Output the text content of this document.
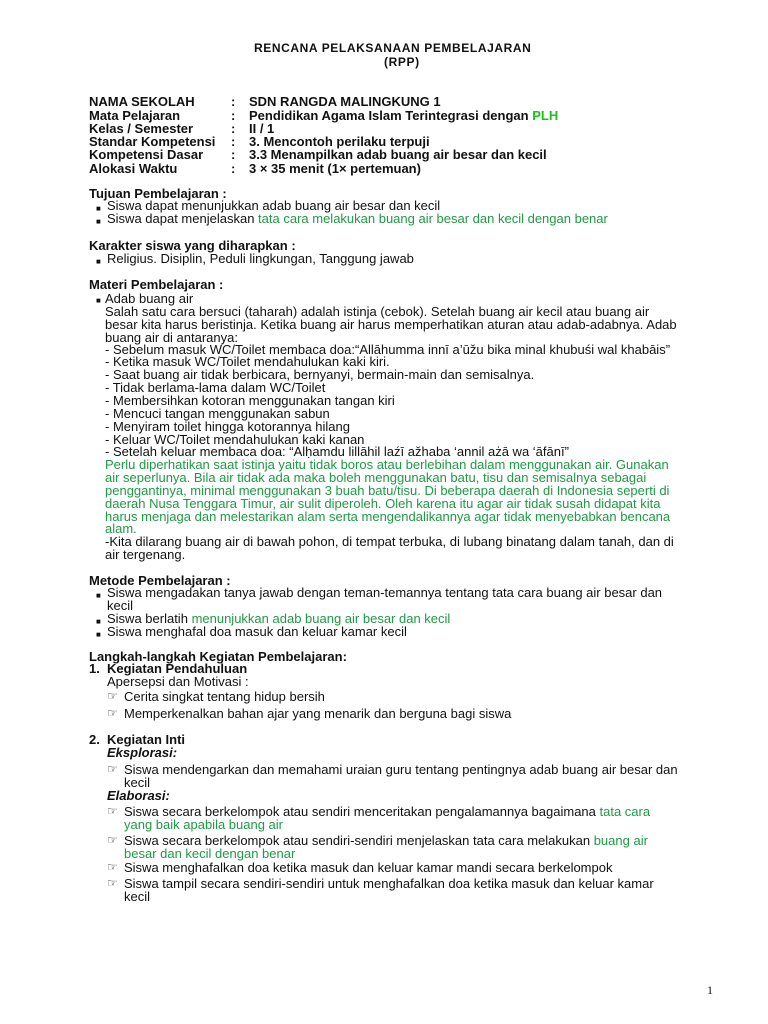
RENCANA PELAKSANAAN PEMBELAJARAN
(RPP)
NAMA SEKOLAH	: SDN RANGDA MALINGKUNG 1
Mata Pelajaran	: Pendidikan Agama Islam Terintegrasi dengan PLH
Kelas / Semester	: II / 1
Standar Kompetensi : 3. Mencontoh perilaku terpuji
Kompetensi Dasar : 3.3 Menampilkan adab buang air besar dan kecil
Alokasi Waktu	: 3 × 35 menit (1× pertemuan)
Tujuan Pembelajaran :
■ Siswa dapat menunjukkan adab buang air besar dan kecil
■ Siswa dapat menjelaskan tata cara melakukan buang air besar dan kecil dengan benar
Karakter siswa yang diharapkan :
■ Religius. Disiplin, Peduli lingkungan, Tanggung jawab
Materi Pembelajaran :
■ Adab buang air
Salah satu cara bersuci (taharah) adalah istinja (cebok). Setelah buang air kecil atau buang air
besar kita harus beristinja. Ketika buang air harus memperhatikan aturan atau adab-adabnya. Adab
buang air di antaranya:
- Sebelum masuk WC/Toilet membaca doa:“Allāhumma innī a’ūžu bika minal khubuśi wal khabāis”
- Ketika masuk WC/Toilet mendahulukan kaki kiri.
- Saat buang air tidak berbicara, bernyanyi, bermain-main dan semisalnya.
- Tidak berlama-lama dalam WC/Toilet
- Membersihkan kotoran menggunakan tangan kiri
- Mencuci tangan menggunakan sabun
- Menyiram toilet hingga kotorannya hilang
- Keluar WC/Toilet mendahulukan kaki kanan
- Setelah keluar membaca doa: “Alḥamdu lillāhil laźī ažhaba ‘annil ażā wa ‘āfānī”
Perlu diperhatikan saat istinja yaitu tidak boros atau berlebihan dalam menggunakan air. Gunakan
air seperlunya. Bila air tidak ada maka boleh menggunakan batu, tisu dan semisalnya sebagai
penggantinya, minimal menggunakan 3 buah batu/tisu. Di beberapa daerah di Indonesia seperti di
daerah Nusa Tenggara Timur, air sulit diperoleh. Oleh karena itu agar air tidak susah didapat kita
harus menjaga dan melestarikan alam serta mengendalikannya agar tidak menyebabkan bencana
alam.
-Kita dilarang buang air di bawah pohon, di tempat terbuka, di lubang binatang dalam tanah, dan di
air tergenang.
Metode Pembelajaran :
■ Siswa mengadakan tanya jawab dengan teman-temannya tentang tata cara buang air besar dan
kecil
■ Siswa berlatih menunjukkan adab buang air besar dan kecil
■ Siswa menghafal doa masuk dan keluar kamar kecil
Langkah-langkah Kegiatan Pembelajaran:
1. Kegiatan Pendahuluan
Apersepsi dan Motivasi :
☞ Cerita singkat tentang hidup bersih
☞ Memperkenalkan bahan ajar yang menarik dan berguna bagi siswa
2. Kegiatan Inti
Eksplorasi:
☞ Siswa mendengarkan dan memahami uraian guru tentang pentingnya adab buang air besar dan
kecil
Elaborasi:
☞ Siswa secara berkelompok atau sendiri menceritakan pengalamannya bagaimana tata cara
yang baik apabila buang air
☞ Siswa secara berkelompok atau sendiri-sendiri menjelaskan tata cara melakukan buang air
besar dan kecil dengan benar
☞ Siswa menghafalkan doa ketika masuk dan keluar kamar mandi secara berkelompok
☞ Siswa tampil secara sendiri-sendiri untuk menghafalkan doa ketika masuk dan keluar kamar
kecil
1
